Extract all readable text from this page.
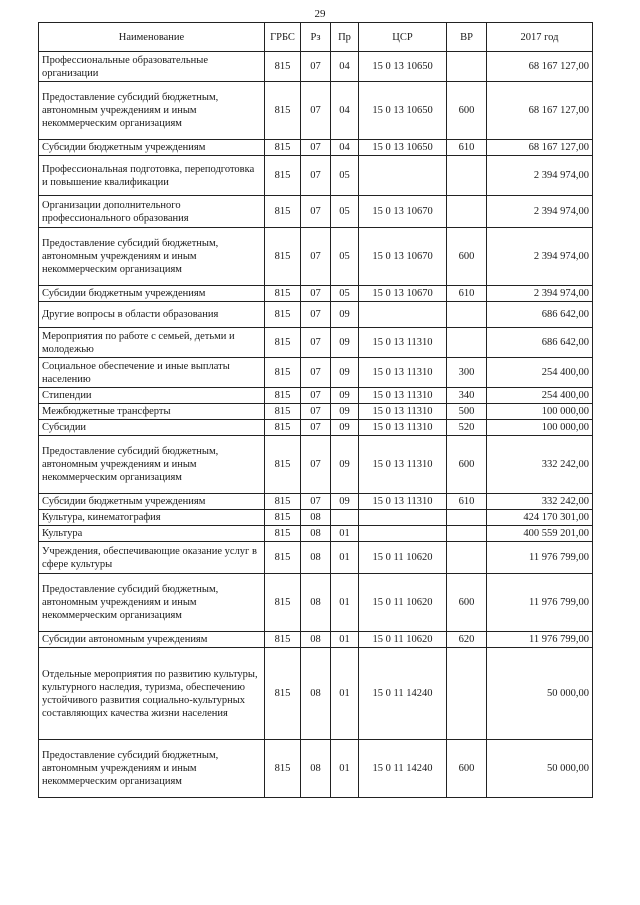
29
Наименование	ГРБС	Рз	Пр	ЦСР	ВР	2017 год
Профессиональные образовательные организации	815	07	04	15 0 13 10650		68 167 127,00
Предоставление субсидий бюджетным, автономным учреждениям и иным некоммерческим организациям	815	07	04	15 0 13 10650	600	68 167 127,00
Субсидии бюджетным учреждениям	815	07	04	15 0 13 10650	610	68 167 127,00
Профессиональная подготовка, переподготовка и повышение квалификации	815	07	05			2 394 974,00
Организации дополнительного профессионального образования	815	07	05	15 0 13 10670		2 394 974,00
Предоставление субсидий бюджетным, автономным учреждениям и иным некоммерческим организациям	815	07	05	15 0 13 10670	600	2 394 974,00
Субсидии бюджетным учреждениям	815	07	05	15 0 13 10670	610	2 394 974,00
Другие вопросы в области образования	815	07	09			686 642,00
Мероприятия по работе с семьей, детьми и молодежью	815	07	09	15 0 13 11310		686 642,00
Социальное обеспечение и иные выплаты населению	815	07	09	15 0 13 11310	300	254 400,00
Стипендии	815	07	09	15 0 13 11310	340	254 400,00
Межбюджетные трансферты	815	07	09	15 0 13 11310	500	100 000,00
Субсидии	815	07	09	15 0 13 11310	520	100 000,00
Предоставление субсидий бюджетным, автономным учреждениям и иным некоммерческим организациям	815	07	09	15 0 13 11310	600	332 242,00
Субсидии бюджетным учреждениям	815	07	09	15 0 13 11310	610	332 242,00
Культура, кинематография	815	08				424 170 301,00
Культура	815	08	01			400 559 201,00
Учреждения, обеспечивающие оказание услуг в сфере культуры	815	08	01	15 0 11 10620		11 976 799,00
Предоставление субсидий бюджетным, автономным учреждениям и иным некоммерческим организациям	815	08	01	15 0 11 10620	600	11 976 799,00
Субсидии автономным учреждениям	815	08	01	15 0 11 10620	620	11 976 799,00
Отдельные мероприятия по развитию культуры, культурного наследия, туризма, обеспечению устойчивого развития социально-культурных составляющих качества жизни населения	815	08	01	15 0 11 14240		50 000,00
Предоставление субсидий бюджетным, автономным учреждениям и иным некоммерческим организациям	815	08	01	15 0 11 14240	600	50 000,00
